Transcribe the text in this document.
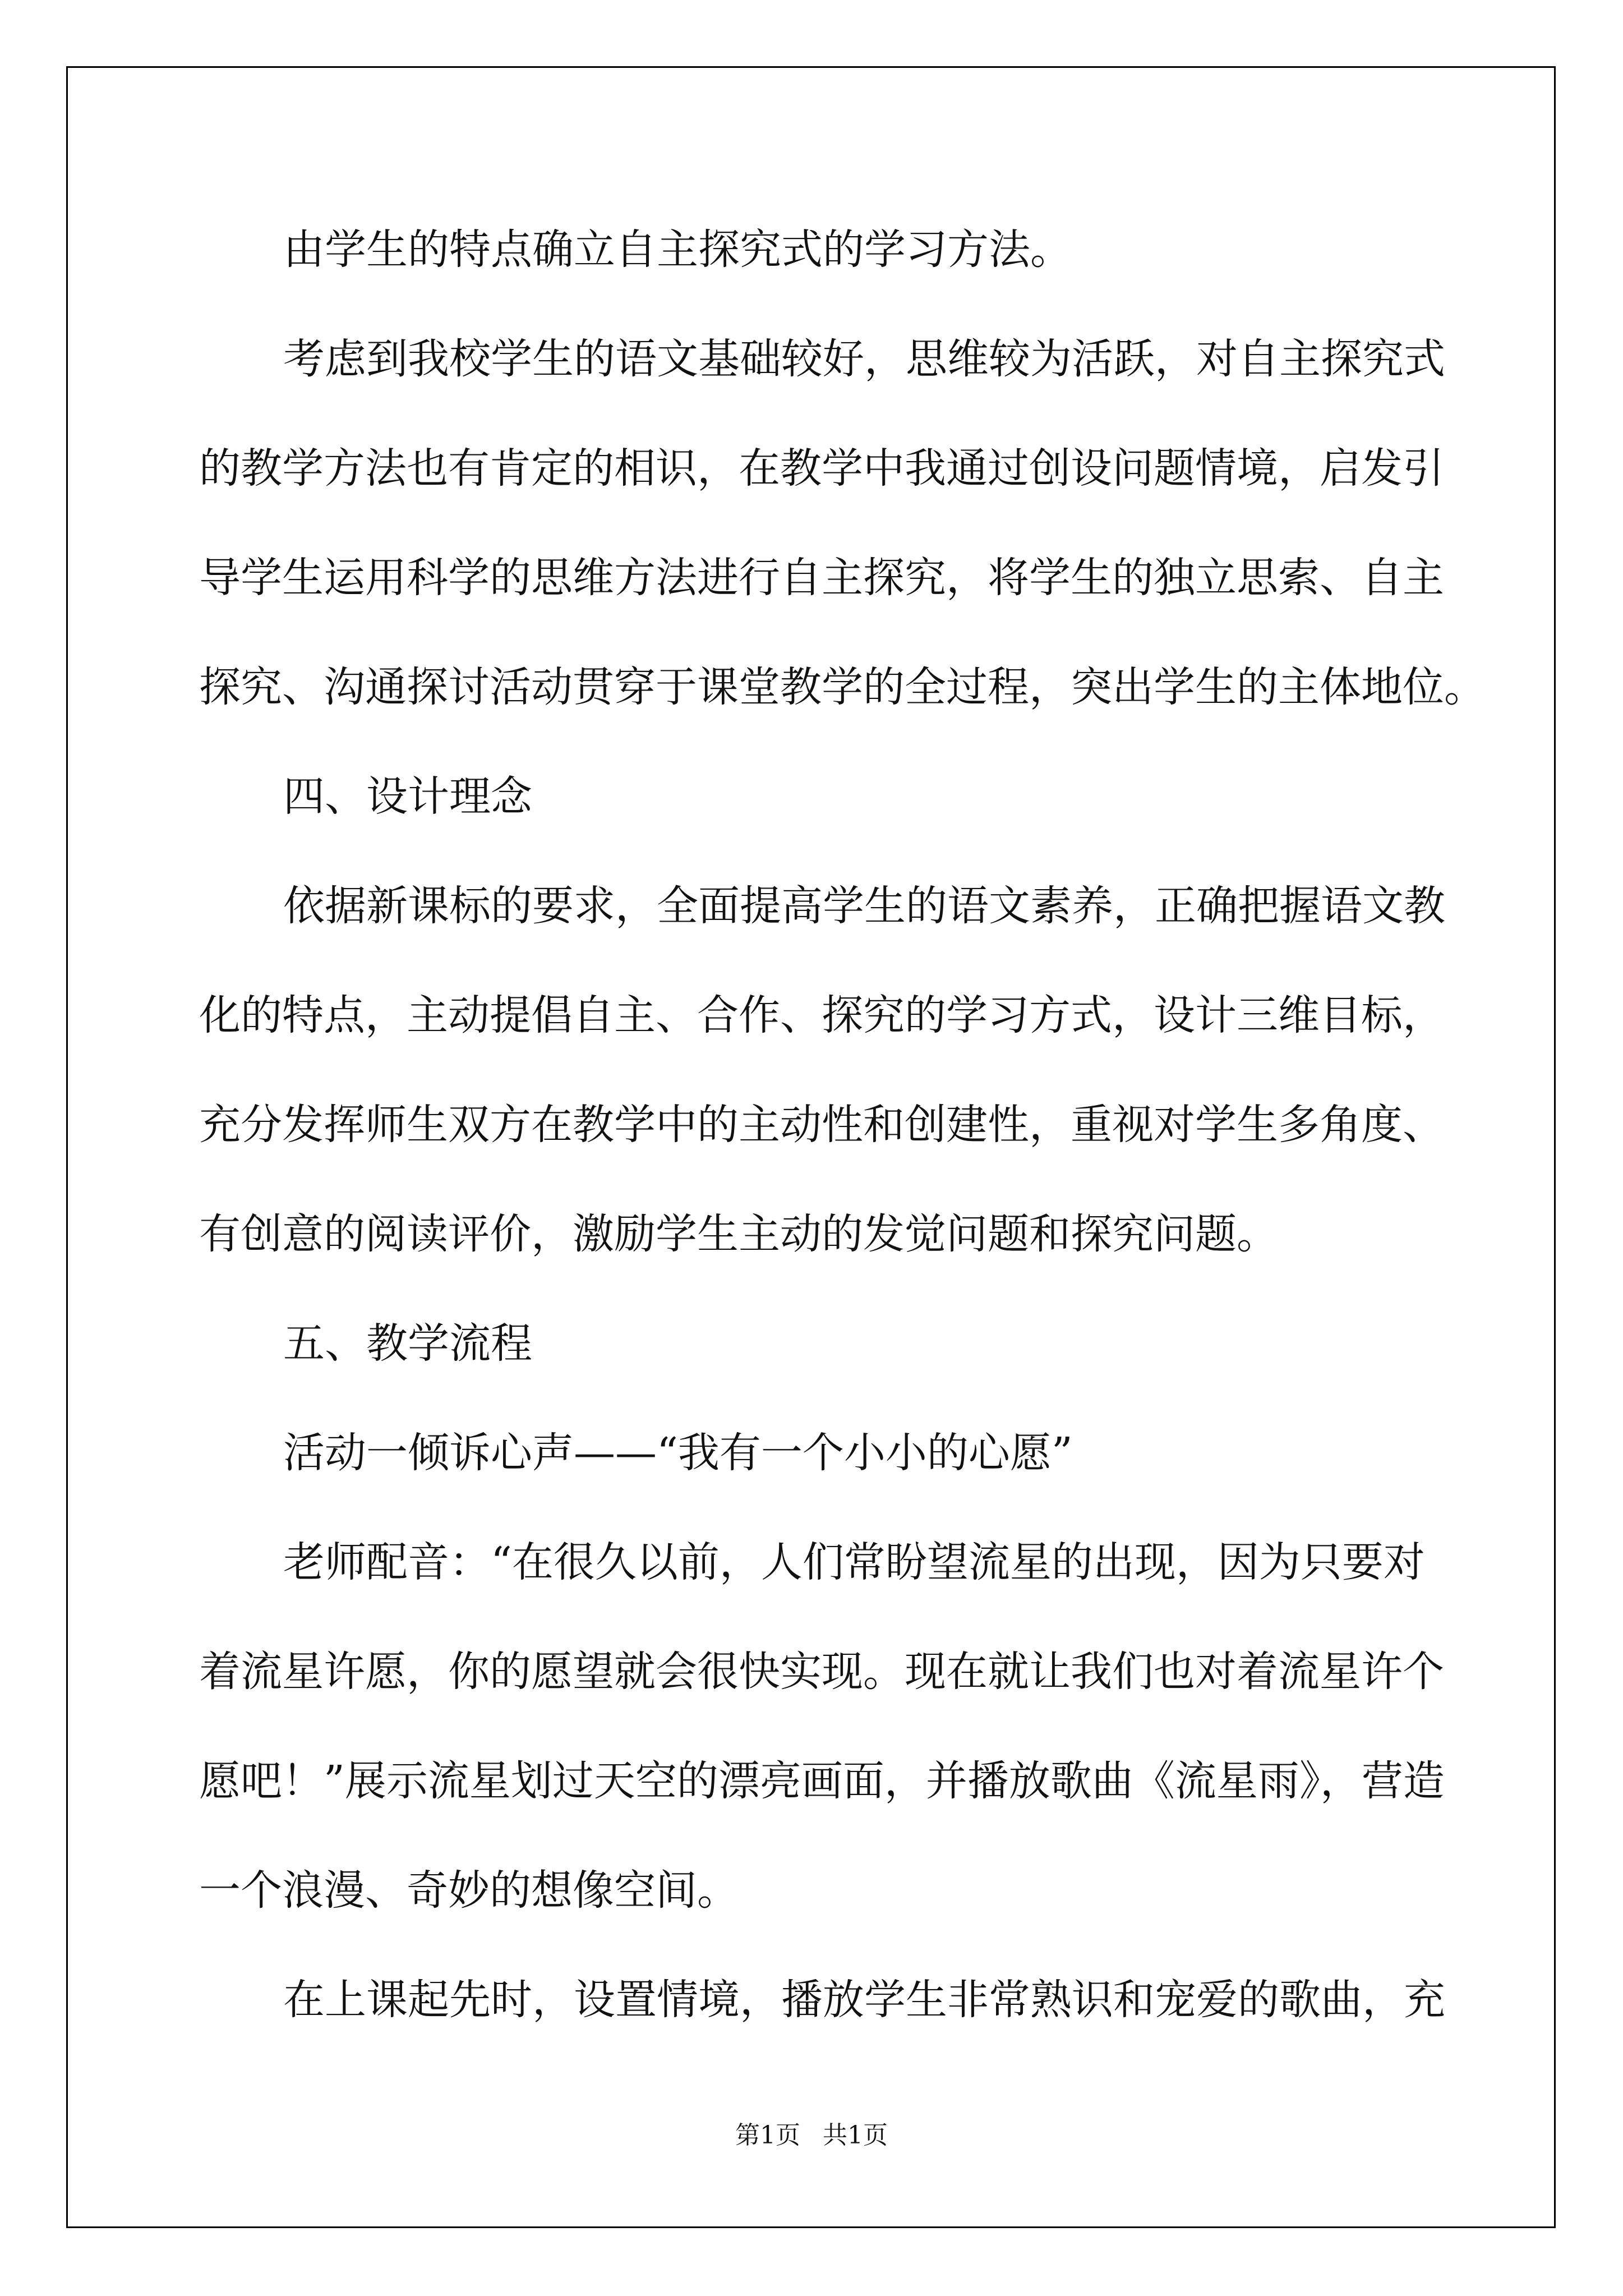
由学生的特点确立自主探究式的学习方法。

考虑到我校学生的语文基础较好，思维较为活跃，对自主探究式

的教学方法也有肯定的相识，在教学中我通过创设问题情境，启发引

导学生运用科学的思维方法进行自主探究，将学生的独立思索、自主

探究、沟通探讨活动贯穿于课堂教学的全过程，突出学生的主体地位。

四、设计理念

依据新课标的要求，全面提高学生的语文素养，正确把握语文教

化的特点，主动提倡自主、合作、探究的学习方式，设计三维目标，

充分发挥师生双方在教学中的主动性和创建性，重视对学生多角度、

有创意的阅读评价，激励学生主动的发觉问题和探究问题。

五、教学流程

活动一倾诉心声——“我有一个小小的心愿”

老师配音：“在很久以前，人们常盼望流星的出现，因为只要对

着流星许愿，你的愿望就会很快实现。现在就让我们也对着流星许个

愿吧！”展示流星划过天空的漂亮画面，并播放歌曲《流星雨》，营造

一个浪漫、奇妙的想像空间。

在上课起先时，设置情境，播放学生非常熟识和宠爱的歌曲，充

第1页 共1页
